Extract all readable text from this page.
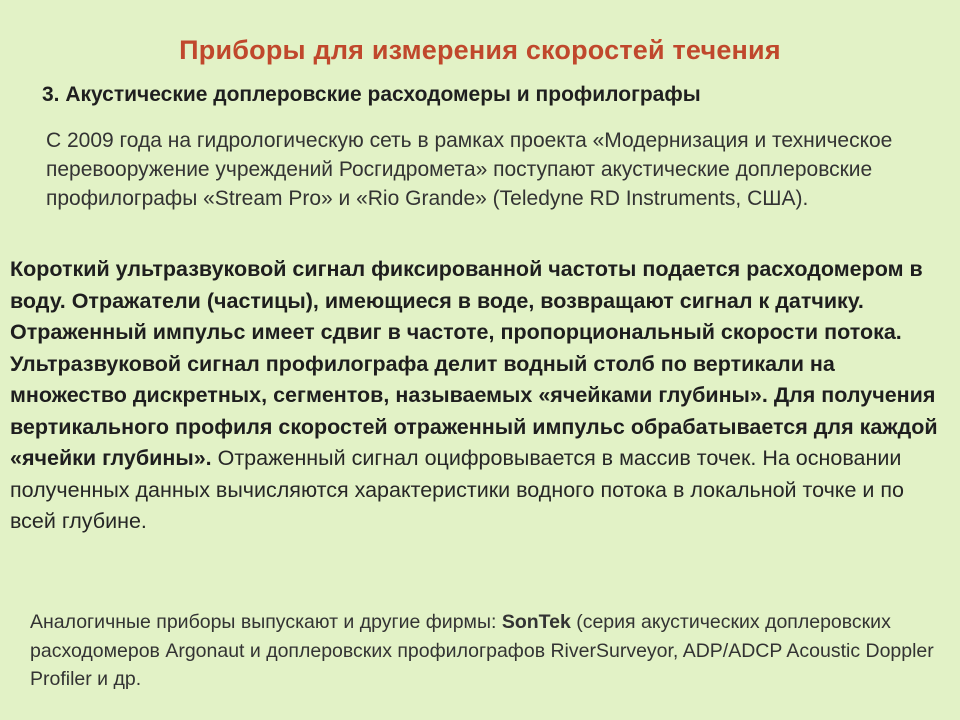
Приборы для измерения скоростей течения
3. Акустические доплеровские расходомеры и профилографы
С 2009 года на гидрологическую сеть в рамках проекта «Модернизация и техническое перевооружение учреждений Росгидромета» поступают акустические доплеровские профилографы «Stream Pro» и «Rio Grande» (Teledyne RD Instruments, США).
Короткий ультразвуковой сигнал фиксированной частоты подается расходомером в воду. Отражатели (частицы), имеющиеся в воде, возвращают сигнал к датчику. Отраженный импульс имеет сдвиг в частоте, пропорциональный скорости потока. Ультразвуковой сигнал профилографа делит водный столб по вертикали на множество дискретных, сегментов, называемых «ячейками глубины». Для получения вертикального профиля скоростей отраженный импульс обрабатывается для каждой «ячейки глубины». Отраженный сигнал оцифровывается в массив точек. На основании полученных данных вычисляются характеристики водного потока в локальной точке и по всей глубине.
Аналогичные приборы выпускают и другие фирмы: SonTek (серия акустических доплеровских расходомеров Argonaut и доплеровских профилографов RiverSurveyor, ADP/ADCP Acoustic Doppler Profiler и др.
